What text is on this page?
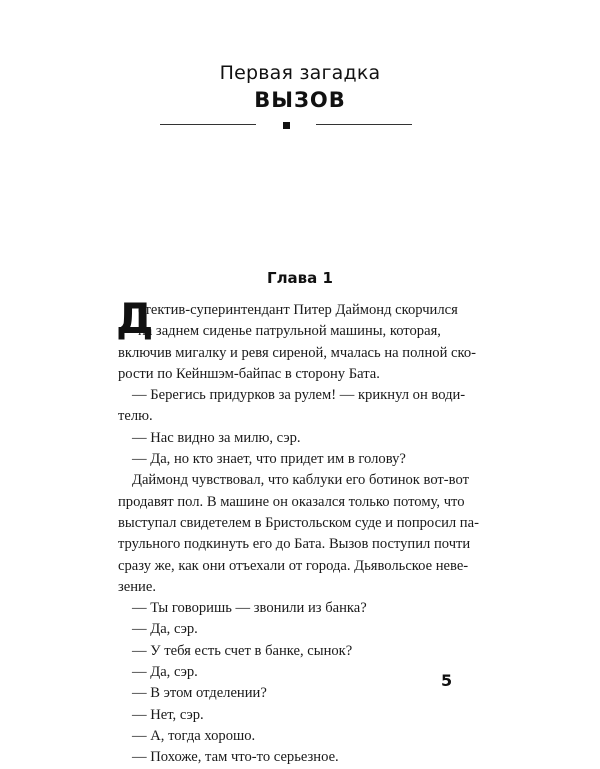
Первая загадка
ВЫЗОВ
Глава 1
Д
етектив-суперинтендант Питер Даймонд скорчился
на заднем сиденье патрульной машины, которая,
включив мигалку и ревя сиреной, мчалась на полной ско-
рости по Кейншэм-байпас в сторону Бата.
— Берегись придурков за рулем! — крикнул он води-
телю.
— Нас видно за милю, сэр.
— Да, но кто знает, что придет им в голову?
Даймонд чувствовал, что каблуки его ботинок вот-вот
продавят пол. В машине он оказался только потому, что
выступал свидетелем в Бристольском суде и попросил па-
трульного подкинуть его до Бата. Вызов поступил почти
сразу же, как они отъехали от города. Дьявольское неве-
зение.
— Ты говоришь — звонили из банка?
— Да, сэр.
— У тебя есть счет в банке, сынок?
— Да, сэр.
— В этом отделении?
— Нет, сэр.
— А, тогда хорошо.
— Похоже, там что-то серьезное.
5
